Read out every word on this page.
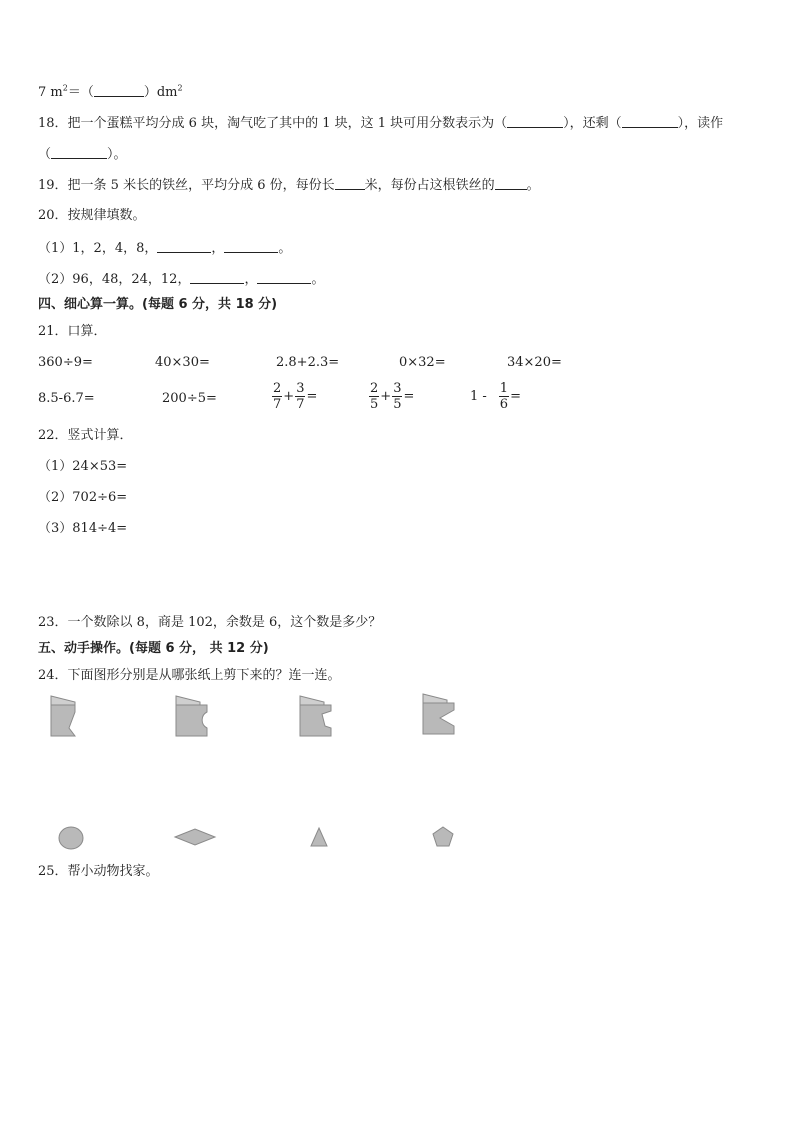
7 $m^2=$（	）$dm^2$
18．把一个蛋糕平均分成 6 块，淘气吃了其中的 1 块，这 1 块可用分数表示为（	），还剩（	），读作
（	）。
19．把一条 5 米长的铁丝，平均分成 6 份，每份长 米，每份占这根铁丝的 。
20．按规律填数。
（1）1，2，4，8，	，	。
（2）96，48，24，12，	，	。
四、细心算一算。(每题 6 分，共 18 分)
21．口算．
360÷9=	40×30=	2.8+2.3=	0×32=	34×20=
8.5-6.7=	200÷5=	$\frac{2}{7} + \frac{3}{7}$ =	$\frac{2}{5} + \frac{3}{5}$ =	$1 - \frac{1}{6}$ =
22．竖式计算．
（1）24×53=
（2）702÷6=
（3）814÷4=
23．一个数除以 8，商是 102，余数是 6，这个数是多少？
五、动手操作。(每题 6 分， 共 12 分)
24．下面图形分别是从哪张纸上剪下来的？连一连。
25．帮小动物找家。
